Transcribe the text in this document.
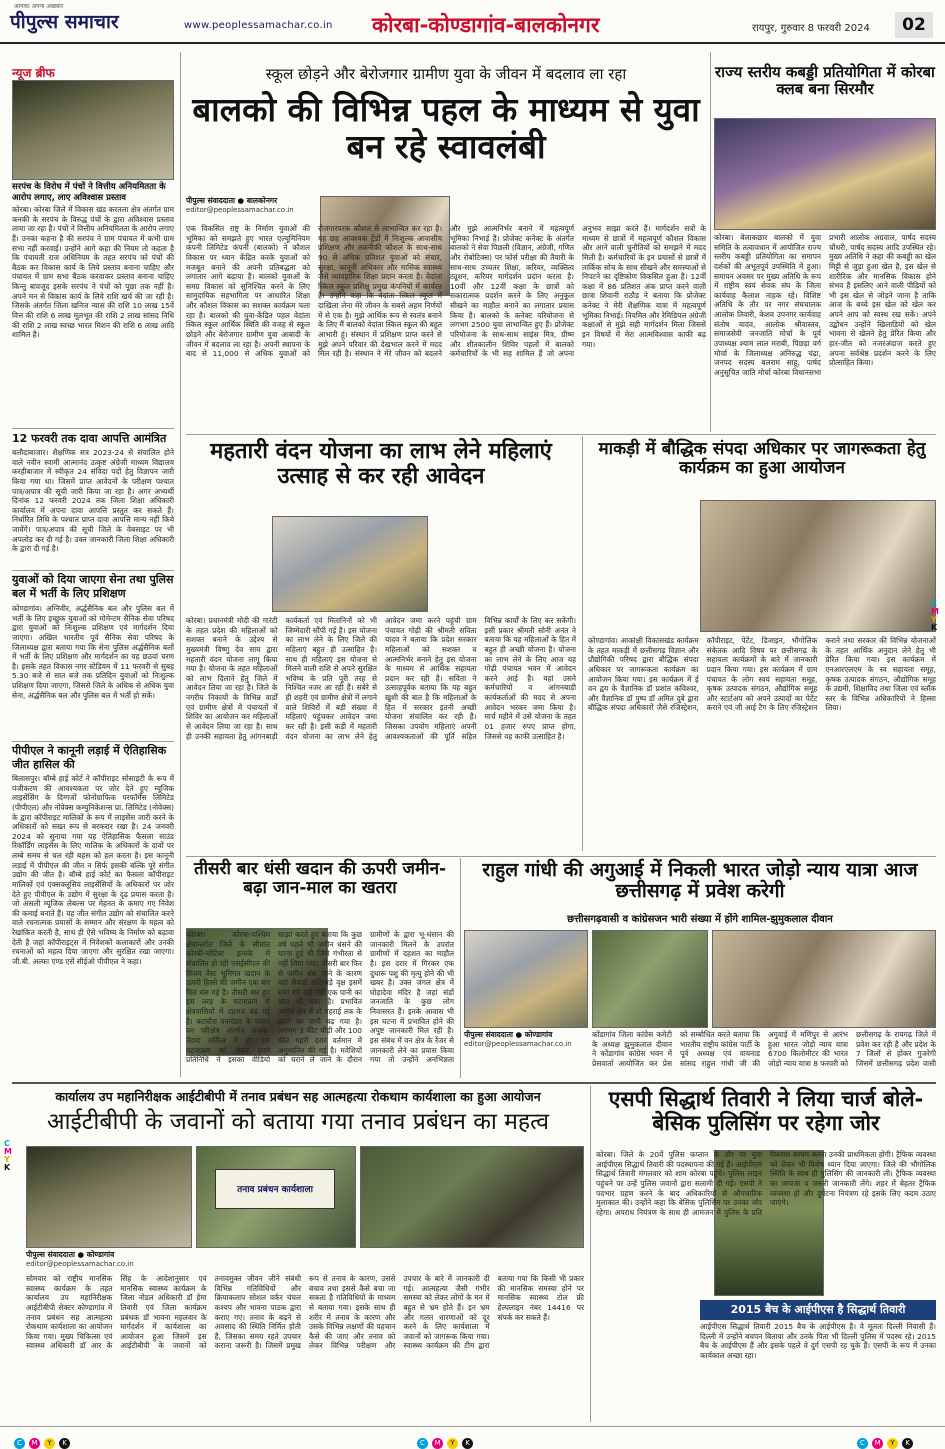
आपका अपना अखबार
पीपुल्स समाचार	www.peoplessamachar.co.in कोरबा-कोण्डागांव-बालकोनगर	रायपुर, गुरुवार 8 फरवरी 2024	02
न्यूज ब्रीफ
सरपंच के विरोध में पंचों ने वित्तीय अनियमितता के आरोप लगाए, लाए अविश्वास प्रस्ताव
कोरबा। कोरबा जिले में विकास खंड करतला क्षेत्र अंतर्गत ग्राम कनकी के सरपंच के विरुद्ध पंचों के द्वारा अविश्वास प्रस्ताव लाया जा रहा है। पंचों ने वित्तीय अनियमितता के आरोप लगाए हैं। उनका कहना है की सरपंच ने ग्राम पंचायत में कभी ग्राम सभा नहीं करवाई। उन्होंने आगे कहा की नियम तो कहता है कि पंचायती राज अधिनियम के तहत सरपंच को पंचों की बैठक कर विकास कार्य के लिये प्रस्ताव बनाना चाहिए और पंचायत में ग्राम सभा बैठक करवाकर प्रस्ताव बनाना चाहिए किन्तु बावजूद इसके सरपंच ने पंचों को पूछा तक नहीं है। अपने मन से विकास कार्य के लिये राशि खर्च की जा रही है। जिसके अंतर्गत जिला खनिज न्यास की राशि 10 लाख 15वें वित्त की राशि 6 लाख मूलभूत की राशि 2 लाख सांसद निधि की राशि 2 लाख स्वच्छ भारत मिशन की राशि 6 लाख आदि शामिल है।
12 फरवरी तक दावा आपत्ति आमंत्रित
बलौदाबाजार। शैक्षणिक सत्र 2023-24 से संचालित होने वाले नवीन स्वामी आत्मानंद उत्कृष्ट अंग्रेजी माध्यम विद्यालय करहीबाजार में स्वीकृत 24 संविदा पदों हेतु विज्ञापन जारी किया गया था। जिसमें प्राप्त आवेदनों के परीक्षण पश्चात पात्र/अपात्र की सूची जारी किया जा रहा है। अगर अभ्यर्थी दिनांक 12 फरवरी 2024 तक जिला शिक्षा अधिकारी कार्यालय में अपना दावा आपत्ति प्रस्तुत कर सकते हैं। निर्धारित तिथि के पश्चात प्राप्त दावा आपत्ति मान्य नहीं किये जायेंगे। पात्र/अपात्र की सूची जिले के वेबसाइट पर भी अपलोड कर दी गई है। उक्त जानकारी जिला शिक्षा अधिकारी के द्वारा दी गई है।
युवाओं को दिया जाएगा सेना तथा पुलिस बल में भर्ती के लिए प्रशिक्षण
कोण्डागांव। अग्निवीर, अर्द्धसैनिक बल और पुलिस बल में भर्ती के लिए इच्छुक युवाओं को मोमेन्टम सैनिक सेवा परिषद द्वारा युवाओं को निःशुल्क प्रशिक्षण एवं मार्गदर्शन दिया जाएगा। अखिल भारतीय पूर्व सैनिक सेवा परिषद के जिलाध्यक्ष द्वारा बताया गया कि सेना पुलिस अर्द्धसैनिक बलों में भर्ती के लिए प्रशिक्षण और मार्गदर्शन का यह छठवां चरण है। इसके तहत विकास नगर स्टेडियम में 11 फरवरी से सुबह 5.30 बजे से सात बजे तक प्रतिदिन युवाओं को निःशुल्क प्रशिक्षण दिया जाएगा, जिससे जिले के अधिक से अधिक युवा सेना, अर्द्धसैनिक बल और पुलिस बल में भर्ती हो सकें।
पीपीएल ने कानूनी लड़ाई में ऐतिहासिक जीत हासिल की
बिलासपुर। बॉम्बे हाई कोर्ट ने कॉपीराइट सोसाइटी के रूप में पंजीकरण की आवश्यकता पर जोर देते हुए म्यूजिक लाइसेंसिंग के दिग्गजों फोनोग्राफिक परफॉर्मेंस लिमिटेड (पीपीएल) और नोवेक्स कम्युनिकेशन्स प्रा. लिमिटेड (नोवेक्स) के द्वारा कॉपीराइट मालिकों के रूप में लाइसेंस जारी करने के अधिकारों को सख्त रूप से बरकरार रखा है। 24 जनवरी 2024 को सुनाया गया यह ऐतिहासिक फैसला साउंड रिकॉर्डिंग लाइसेंस के लिए मालिक के अधिकारों के दावों पर लम्बे समय से चल रही बहस को हल करता है। इस कानूनी लड़ाई में पीपीएल की जीत न सिर्फ इसकी बल्कि पूरे संगीत उद्योग की जीत है। बॉम्बे हाई कोर्ट का फैसला कॉपीराइट मालिकों एवं एक्सक्लूसिव लाइसेंसियों के अधिकारों पर जोर देते हुए पीपीएल के उद्योग में सुरक्षा के दृढ़ प्रयास करता है। जो असली म्यूजिक लेबल्स पर मेहनत के कमाए गए निवेश की कमाई बनाते हैं। यह जीत संगीत उद्योग को संचालित करने वाले रचनात्मक प्रयासों के सम्मान और संरक्षण के महत्व को रेखांकित करती है, साथ ही ऐसे भविष्य के निर्माण को बढ़ावा देती है जहां कॉपीराइट्स में निवेशकों कलाकारों और उनकी रचनाओं को महत्व दिया जाएगा और सुरक्षित रखा जाएगा। जी.बी. अल्फा एण्ड एसें सीईओ पीपीएल ने कहा।
स्कूल छोड़ने और बेरोजगार ग्रामीण युवा के जीवन में बदलाव ला रहा
बालको की विभिन्न पहल के माध्यम से युवा बन रहे स्वावलंबी
पीपुल्स संवाददाता ● बालकोनगर
editor@peoplessamachar.co.in
एक विकसित राष्ट्र के निर्माण युवाओं की भूमिका को समझते हुए भारत एल्यूमिनियम कंपनी लिमिटेड कंपनी (बालको) ने कौशल विकास पर ध्यान केंद्रित करके युवाओं को मजबूत बनाने की अपनी प्रतिबद्धता को लगातार आगे बढ़ाया है। बालको युवाओं के समग्र विकास को सुनिश्चित करने के लिए सामुदायिक सहभागिता पर आधारित शिक्षा और कौशल विकास का सशक्त कार्यक्रम चला रहा है। बालको की युवा-केंद्रित पहल वेदांता स्किल स्कूल आर्थिक स्थिति की वजह से स्कूल छोड़ने और बेरोजगार ग्रामीण युवा आबादी के जीवन में बदलाव ला रहा है। अपनी स्थापना के बाद से 11,000 से अधिक युवाओं को रोजगारपरक कौशल से लाभान्वित कर रहा है। यह छह आवश्यक ट्रेडों में निःशुल्क आवासीय प्रशिक्षण और तकनीकी कौशल के साथ-साथ 90 से अधिक प्रतिशत युवाओं को संचार, सुरक्षा, कानूनी अधिकार और मासिक स्वास्थ्य जैसे व्यावहारिक शिक्षा प्रदान करता है। वेदांता स्किल स्कूल प्रशिक्षु प्रमुख कंपनियों में कार्यरत हैं। उन्होंने कहा कि वेदांता स्किल स्कूल में दाखिला लेना मेरे जीवन के सबसे अहम निर्णयों में से एक है। मुझे आर्थिक रूप से स्वतंत्र बनाने के लिए मैं बालको वेदांता स्किल स्कूल की बहुत आभारी हूं। संस्थान में प्रशिक्षण प्राप्त करने से मुझे अपने परिवार की देखभाल करने में मदद मिल रही है। संस्थान ने मेरे जीवन को बदलने और मुझे आत्मनिर्भर बनाने में महत्वपूर्ण भूमिका निभाई है। प्रोजेक्ट कनेक्ट के अंतर्गत बालको ने सेवा पिछली (विज्ञान, अंग्रेजी, गणित और रोबोटिक्स) पर फोर्स परीक्षा की तैयारी के साथ-साथ उच्चतर शिक्षा, करियर, व्यक्तित्व ट्यूशन, करियर मार्गदर्शन प्रदान करता है। 10वीं और 12वीं कक्षा के छात्रों को सकारात्मक प्रदर्शन करने के लिए अनुकूल सीखने का माहौल बनाने का लगातार प्रयास किया है। बालको के कनेक्ट परियोजना से लगभग 2500 युवा लाभान्वित हुए हैं। प्रोजेक्ट परियोजना के साथ-साथ साइंस मित्र, ग्रीष्म और शीतकालीन शिविर पहलों में बालको कर्मचारियों के भी सह शामिल हैं जो अपना अनुभव साझा करते हैं। मार्गदर्शन सत्रों के माध्यम से छात्रों में महत्वपूर्ण कौशल विकास और आने वाली चुनौतियों को समझने में मदद मिली है। कर्मचारियों के इन प्रयासों से छात्रों में तार्किक सोच के साथ सीखने और समस्याओं से निपटने का दृष्टिकोण विकसित हुआ है। 12वीं कक्षा में 86 प्रतिशत अंक प्राप्त करने वाली छात्रा शिवानी राठौड़ ने बताया कि प्रोजेक्ट कनेक्ट ने मेरी शैक्षणिक यात्रा में महत्वपूर्ण भूमिका निभाई। नियमित और रेमिडियल अंग्रेजी कक्षाओं से मुझे सही मार्गदर्शन मिला जिससे इन विषयों में मेरा आत्मविश्वास काफी बढ़ गया।
राज्य स्तरीय कबड्डी प्रतियोगिता में कोरबा क्लब बना सिरमौर
कोरबा। बेलाकछार बालको में युवा समिति के तत्वावधान में आयोजित राज्य स्तरीय कबड्डी प्रतियोगिता का समापन दर्शकों की अभूतपूर्व उपस्थिति में हुआ। समापन अवसर पर मुख्य अतिथि के रूप में राष्ट्रीय स्वयं सेवक संघ के जिला कार्यवाह कैलाश नाहक रहे। विशिष्ट अतिथि के तौर पर नगर संघचालक आलोक तिवारी, केशव उपनगर कार्यवाह संतोष यादव, आलोक श्रीवास्तव, समाजसेवी जनजाति मोर्चा के पूर्व उपाध्यक्ष श्याम लाल मराबी, पिछड़ा वर्ग मोर्चा के जिलाध्यक्ष अनिरुद्ध चंद्रा, जनपद सदस्य बलराम साहू, पार्षद अनुसूचित जाति मोर्चा कोरबा विधानसभा प्रभारी आलोक अग्रवाल, पार्षद सदस्य चौधरी, पार्षद सदस्य आदि उपस्थित रहे। मुख्य अतिथि ने कहा की कबड्डी का खेल मिट्टी से जुड़ा हुआ खेल है, इस खेल से शारीरिक और मानसिक विकास होने संभव है इसलिए आने वाली पीढ़ियों को भी इस खेल से जोड़ने जाना है ताकि आज के बच्चे इस खेल को खेल कर अपने आप को स्वस्थ रख सकें। अपने उद्बोधन उन्होंने खिलाड़ियों को खेल भावना से खेलने हेतु प्रेरित किया और हार-जीत को नजरअंदाज करते हुए अपना सर्वश्रेष्ठ प्रदर्शन करने के लिए प्रोत्साहित किया।
महतारी वंदन योजना का लाभ लेने महिलाएं उत्साह से कर रही आवेदन
कोरबा। प्रधानमंत्री मोदी की गारंटी के तहत प्रदेश की महिलाओं को सशक्त बनाने के उद्देश्य से मुख्यमंत्री विष्णु देव साय द्वारा महतारी वंदन योजना लागू किया गया है। योजना के तहत महिलाओं को लाभ दिलाने हेतु जिले में आवेदन लिया जा रहा है। जिले के नगरीय निकायों के विभिन्न वार्डों एवं ग्रामीण क्षेत्रों में पंचायतों में शिविर का आयोजन कर महिलाओं से आवेदन लिया जा रहा है। साथ ही उनकी सहायता हेतु आंगनबाड़ी कार्यकर्ता एवं मितानिनों को भी जिम्मेदारी सौंपी गई है। इस योजना का लाभ लेने के लिए जिले की महिलाएं बहुत ही उत्साहित है। साथ ही महिलाएं इस योजना से मिलने वाली राशि से अपने सुरक्षित भविष्य के प्रति पूरी तरह से निश्चित नजर आ रही हैं। सबेरे से ही शहरी एवं ग्रामीण क्षेत्रों में लगाने वाले शिविरों में बड़ी संख्या में महिलाएं पहुंचकर आवेदन जमा कर रही है। इसी कड़ी में महतारी वंदन योजना का लाभ लेने हेतु आवेदन जमा करने पहुंची ग्राम पंचायत गोढ़ी की श्रीमती सविता यादव ने बताया कि प्रदेश सरकार महिलाओं को सशक्त व आत्मनिर्भर बनाने हेतु इस योजना के माध्यम से आर्थिक सहायता प्रदान कर रही है। सविता ने उत्साहपूर्वक बताया कि यह बहुत खुशी की बात है कि महिलाओं के हित में सरकार इतनी अच्छी योजना संचालित कर रही है। जिसका उपयोग महिलाएं अपनी आवश्यकताओं की पूर्ति सहित विभिन्न कार्यों के लिए कर सकेंगी। इसी प्रकार श्रीमती सोनी अनंत ने बताया कि यह महिलाओं के हित में बहुत ही अच्छी योजना है। योजना का लाभ लेने के लिए आज यह गोढ़ी पंचायत भवन में आवेदन करने आई है। यहां उसने कर्मचारियों व आंगनबाड़ी कार्यकर्ताओं की मदद से अपना आवेदन भरकर जमा किया है। मार्च महीने में उसे योजना के तहत 01 हजार रुपए प्राप्त होगा, जिससे वह काफी उत्साहित है।
माकड़ी में बौद्धिक संपदा अधिकार पर जागरूकता हेतु कार्यक्रम का हुआ आयोजन
कोण्डागांव। आकांक्षी विकासखंड कार्यक्रम के तहत माकड़ी में छत्तीसगढ़ विज्ञान और प्रौद्योगिकी परिषद द्वारा बौद्धिक संपदा अधिकार पर जागरूकता कार्यक्रम का आयोजन किया गया। इस कार्यक्रम में ई वन द्वय के वैज्ञानिक डॉ प्रशांत कविश्वर, और वैज्ञानिक डॉ पुष्प डॉ अमित दुबे द्वारा बौद्धिक संपदा अधिकारों जैसे रजिस्ट्रेशन, कॉपीराइट, पेटेंट, डिजाइन, भौगोलिक संकेतक आदि विषय पर छत्तीसगढ़ के सहायता कार्यक्रमों के बारे में जानकारी प्रदान किया गया। इस कार्यक्रम में ग्राम पंचायत के लोग स्वयं सहायता समूह, कृषक उत्पादक संगठन, औद्योगिक समूह और स्टार्टअप को अपने उत्पादों का पेटेंट कराने एवं जी आई टैग के लिए रजिस्ट्रेशन कराने तथा सरकार की विभिन्न योजनाओं के तहत आर्थिक अनुदान लेने हेतु भी प्रेरित किया गया। इस कार्यक्रम में एनआरएलएम के स्व सहायता समूह, कृषक उत्पादक संगठन, औद्योगिक समूह के उद्यमी, शिक्षाविद तथा जिला एवं ब्लॉक स्तर के विभिन्न अधिकारियों ने हिस्सा लिया।
तीसरी बार धंसी खदान की ऊपरी जमीन-बढ़ा जान-माल का खतरा
कोरबा। कोरबा-पश्चिम क्षेत्रान्तर्गत जिले के सीमांत कोरबी-चोटिया इलाके में संचालित हो रही एसईसीएल की विजय वेस्ट भूमिगत खदान के ऊपरी हिस्से की जमीन एक बार फिर धंस गई है। तीसरी बार हुए इस तरह के घटनाक्रम से क्षेत्रवासियों में दहशत बढ़ गई है। कटघोरा वनमंडल के पसान वन परिक्षेत्र अंतर्गत जलके-तेंदवा सर्किल में हुए इस घटनाक्रम को लेकर हमने प्रतिनिधि ने इसका वीडियो साझा करते हुए बताया कि कुछ वर्ष पहले भी जमीन धंसने की घटना हुई थी जिसे गंभीरता से नहीं लिया गया। तीसरी बार फिर से जमीन धंस जाने के कारण वहां सैकड़ों छोटे-बड़े वृक्ष इसमें समा गये यही नहीं एक पानी का स्रोत भी धंसा है। प्रभावित जमीन क्षेत्र में तो गहराई तक के झरने का पानी बढ़ गया है। लगभग 3 फीट चौड़ी और 100 फीट गहरी दरार वर्तमान में अनुमानित की गई है। मवेशियों को चराने ले जाने के दौरान ग्रामीणों के द्वारा भू-धंसान की जानकारी मिलने के उपरांत ग्रामीणों में दहशत का माहौल है। इस दरार में गिरकर एक दुधारू पशु की मृत्यु होने की भी खबर है। उक्त जंगल क्षेत्र में घोड़ादेवा मंदिर है जहां संडों जनजाति के कुछ लोग निवासरत हैं। इनके आवास भी इस घटना में प्रभावित होने की अपुष्ट जानकारी मिल रही है। इस संबंध में वन क्षेत्र के रेंजर से जानकारी लेने का प्रयास किया गया तो उन्होंने अनभिज्ञता
राहुल गांधी की अगुआई में निकली भारत जोड़ो न्याय यात्रा आज छत्तीसगढ़ में प्रवेश करेगी
छत्तीसगढ़वासी व कांग्रेसजन भारी संख्या में होंगे शामिल-झुमुकलाल दीवान
पीपुल्स संवाददाता ● कोण्डागांव
editor@peoplessamachar.co.in
कोंडागांव जिला कांग्रेस कमेटी के अध्यक्ष झुमुकलाल दीवान ने कोंडागांव कांग्रेस भवन में प्रेसवार्ता आयोजित कर प्रेस को सम्बोधित करते बताया कि भारतीय राष्ट्रीय कांग्रेस पार्टी के पूर्व अध्यक्ष एवं वायनाड सांसद राहुल गांधी जी की अगुवाई में मणिपुर से आरंभ हुआ भारत जोड़ो न्याय यात्रा 6700 किलोमीटर की भारत जोड़ो न्याय यात्रा 8 फरवरी को छत्तीसगढ़ के रायगढ़ जिले में प्रवेश कर रही है और प्रदेश के 7 जिलों से होकर गुजरेगी जिसमें छत्तीसगढ़ प्रदेश वासी
कार्यालय उप महानिरीक्षक आईटीबीपी में तनाव प्रबंधन सह आत्महत्या रोकथाम कार्यशाला का हुआ आयोजन
आईटीबीपी के जवानों को बताया गया तनाव प्रबंधन का महत्व
तनाव प्रबंधन कार्यशाला
पीपुल्स संवाददाता ● कोण्डागांव
editor@peoplessamachar.co.in
सोमवार को राष्ट्रीय मानसिक स्वास्थ्य कार्यक्रम के तहत कार्यालय उप महानिरीक्षक आईटीबीपी सेक्टर कोण्डागांव में तनाव प्रबंधन सह आत्महत्या रोकथाम कार्यशाला का आयोजन किया गया। मुख्य चिकित्सा एवं स्वास्थ्य अधिकारी डॉ आर के सिंह के आदेशानुसार एवं मानसिक स्वास्थ्य कार्यक्रम के जिला नोडल अधिकारी डॉ हेमा तिवारी एवं जिला कार्यक्रम प्रबंधक डॉ भावना महलवार के मार्गदर्शन में कार्यशाला का आयोजन हुआ जिसमें इस आईटीबीपी के जवानों को तनावमुक्त जीवन जीने संबंधी विभिन्न गतिविधियों और क्रियाकलाप सोशल वर्कर चंचल कश्यप और भावना पाठक द्वारा कराए गए। तनाव के बढ़ने से अवसाद की स्थिति निर्मित होती है, जिसका समय रहते उपचार कराना जरूरी है। जिसमें प्रमुख रूप से तनाव के कारण, उससे बचाव तथा इससे कैसे बचा जा सकता है गतिविधियों के माध्यम से बताया गया। इसके साथ ही शरीर में तनाव के कारण और उसके विभिन्न लक्षणों की पहचान कैसे की जाए और तनाव को लेकर विभिन्न परीक्षण और उपचार के बारे में जानकारी दी गई। आत्महत्या जैसी गंभीर समस्या को लेकर लोगों के मन में बहुत से भ्रम होते हैं। इन भ्रम और गलत धारणाओं को दूर करने के लिए कार्यशाला में जवानों को जागरूक किया गया। स्वास्थ्य कार्यक्रम की टीम द्वारा बताया गया कि किसी भी प्रकार की मानसिक समस्या होने पर मानसिक स्वास्थ्य टोल फ्री हेल्पलाइन नंबर 14416 पर संपर्क कर सकते हैं।
C
M
Y
K
C
M
Y
K
एसपी सिद्धार्थ तिवारी ने लिया चार्ज बोले- बेसिक पुलिसिंग पर रहेगा जोर
कोरबा। जिले के 20वें पुलिस कप्तान के तौर पर युवा आईपीएस सिद्धार्थ तिवारी की पदस्थापना की गई है। आईपीएस सिद्धार्थ तिवारी मंगलवार को शाम कोरबा पहुंचे। पुलिस लाइन पहुंचने पर उन्हें पुलिस जवानों द्वारा सलामी दी गई। एसपी ने पदभार ग्रहण करने के बाद अधिकारियों से औपचारिक मुलाकात की। उन्होंने कहा कि बेसिक पुलिसिंग पर उनका जोर रहेगा। अपराध नियंत्रण के साथ ही आमजन में पुलिस के प्रति विश्वास कायम करना उनकी प्राथमिकता होगी। ट्रैफिक व्यवस्था को लेकर भी विशेष ध्यान दिया जाएगा। जिले की भौगोलिक स्थिति के साथ ही पुलिसिंग की जानकारी ली। ट्रैफिक व्यवस्था का जायजा व जरूरी जानकारी लेंगे। शहर में बेहतर ट्रैफिक व्यवस्था हो और दुर्घटना नियंत्रण रहे इसके लिए कदम उठाए जाएंगे।
2015 बैच के आईपीएस है सिद्धार्थ तिवारी
आईपीएस सिद्धार्थ तिवारी 2015 बैच के आईपीएस है। वे मूलतः दिल्ली निवासी हैं। दिल्ली में उन्होंने बचपन बिताया और उनके पिता भी दिल्ली पुलिस में पदस्थ रहे। 2015 बैच के आईपीएस हैं और इसके पहले वे दुर्ग एसपी रह चुके हैं। एसपी के रूप में उनका कार्यकाल अच्छा रहा।
C M Y K	C M Y K	C M Y K
